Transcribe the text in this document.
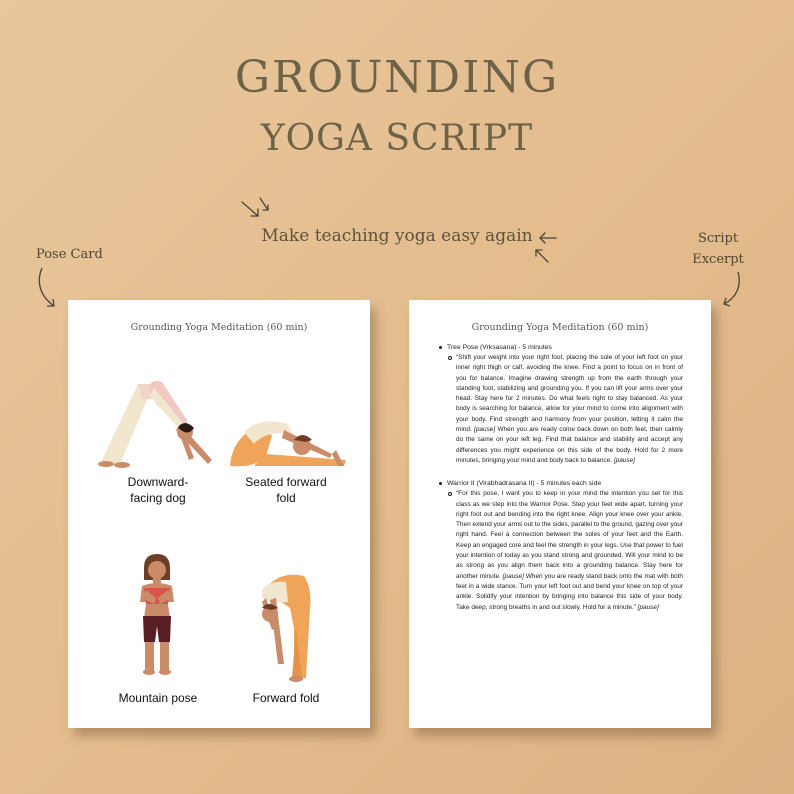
GROUNDING
YOGA SCRIPT
Make teaching yoga easy again
Pose Card
Script
Excerpt
Grounding Yoga Meditation (60 min)
Downward-
facing dog
Seated forward
fold
Mountain pose	Forward fold
Grounding Yoga Meditation (60 min)
Tree Pose (Vrksasana) - 5 minutes
“Shift your weight into your right foot, placing the sole of your left foot on your inner right thigh or calf, avoiding the knee. Find a point to focus on in front of you for balance. Imagine drawing strength up from the earth through your standing foot, stabilizing and grounding you. If you can lift your arms over your head. Stay here for 2 minutes. Do what feels right to stay balanced. As your body is searching for balance, allow for your mind to come into alignment with your body. Find strength and harmony from your position, letting it calm the mind. [pause] When you are ready come back down on both feet, then calmly do the same on your left leg. Find that balance and stability and accept any differences you might experience on this side of the body. Hold for 2 more minutes, bringing your mind and body back to balance. [pause]
Warrior II (Virabhadrasana II) - 5 minutes each side
“For this pose, I want you to keep in your mind the intention you set for this class as we step into the Warrior Pose. Step your feet wide apart, turning your right foot out and bending into the right knee. Align your knee over your ankle. Then extend your arms out to the sides, parallel to the ground, gazing over your right hand. Feel a connection between the soles of your feet and the Earth. Keep an engaged core and feel the strength in your legs. Use that power to fuel your intention of today as you stand strong and grounded. Will your mind to be as strong as you align them back into a grounding balance. Stay here for another minute. [pause] When you are ready stand back onto the mat with both feet in a wide stance. Turn your left foot out and bend your knee on top of your ankle. Solidify your intention by bringing into balance this side of your body. Take deep, strong breaths in and out slowly. Hold for a minute.” [pause]
